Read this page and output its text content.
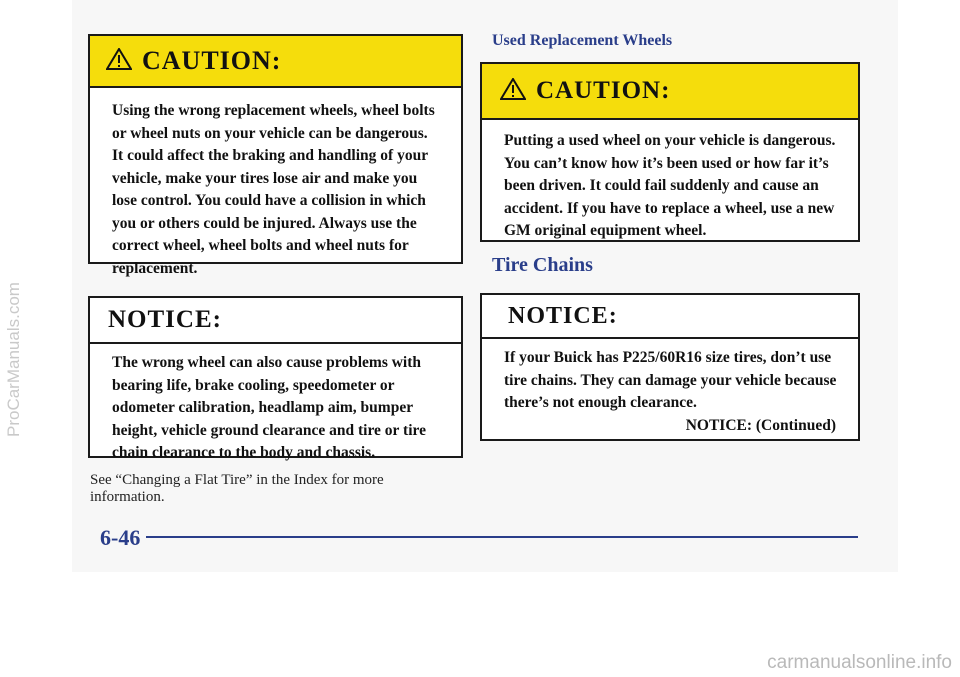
CAUTION:
Using the wrong replacement wheels, wheel bolts or wheel nuts on your vehicle can be dangerous. It could affect the braking and handling of your vehicle, make your tires lose air and make you lose control. You could have a collision in which you or others could be injured. Always use the correct wheel, wheel bolts and wheel nuts for replacement.
NOTICE:
The wrong wheel can also cause problems with bearing life, brake cooling, speedometer or odometer calibration, headlamp aim, bumper height, vehicle ground clearance and tire or tire chain clearance to the body and chassis.
See “Changing a Flat Tire” in the Index for more information.
Used Replacement Wheels
CAUTION:
Putting a used wheel on your vehicle is dangerous. You can’t know how it’s been used or how far it’s been driven. It could fail suddenly and cause an accident. If you have to replace a wheel, use a new GM original equipment wheel.
Tire Chains
NOTICE:
If your Buick has P225/60R16 size tires, don’t use tire chains. They can damage your vehicle because there’s not enough clearance.
NOTICE: (Continued)
6-46
ProCarManuals.com
carmanualsonline.info
